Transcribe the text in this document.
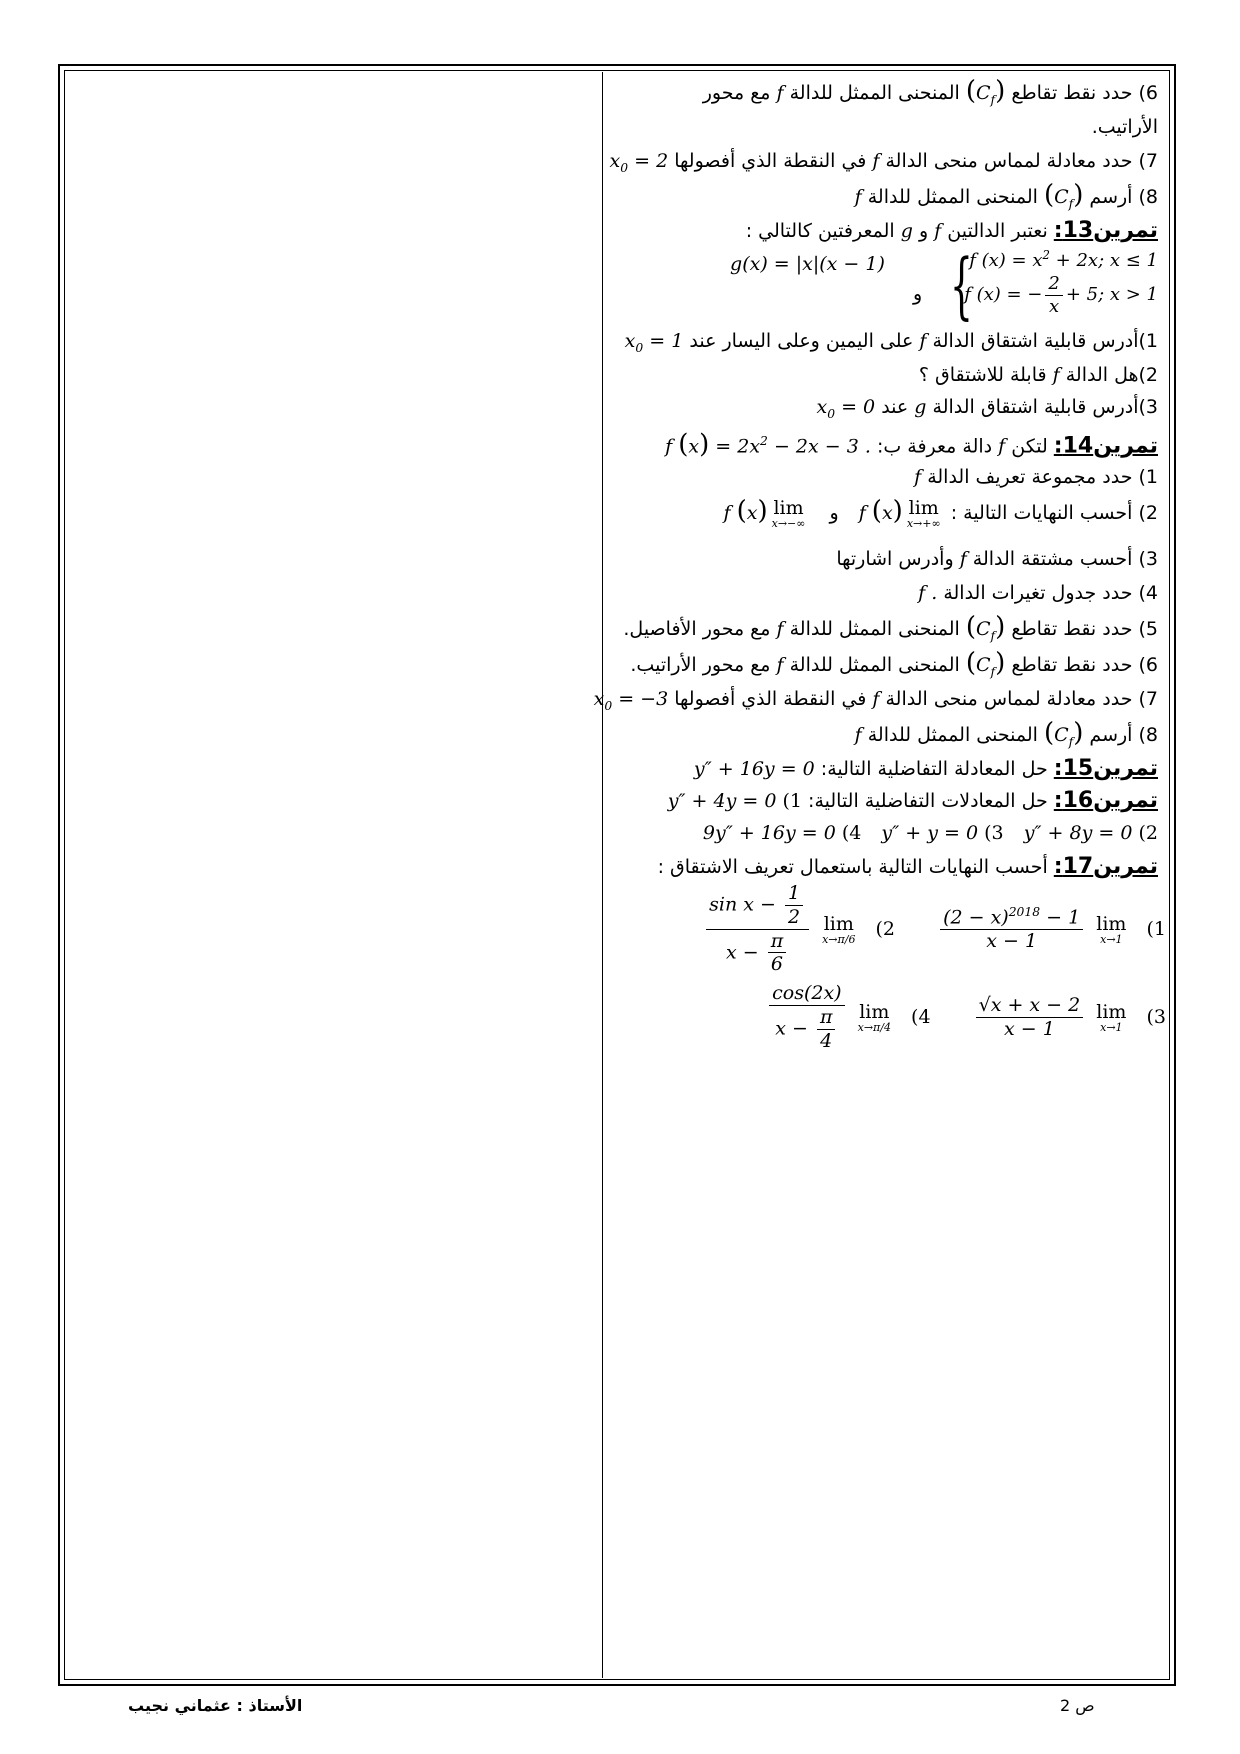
6) حدد نقط تقاطع $(C_f)$ المنحنى الممثل للدالة f مع محور
الأراتيب.
7) حدد معادلة لمماس منحى الدالة f في النقطة الذي أفصولها $x_0 = 2$
8) أرسم $(C_f)$ المنحنى الممثل للدالة f
تمرين13: نعتبر الدالتين f و g المعرفتين كالتالي :
{
f $(x) = x^2 + 2x$; x ≤ 1
f (x) = − $\frac{2}{x} + 5$; x > 1
و g(x) = |x|(x − 1)
1)أدرس قابلية اشتقاق الدالة f على اليمين وعلى اليسار عند $x_0 = 1$
2)هل الدالة f قابلة للاشتقاق ؟
3)أدرس قابلية اشتقاق الدالة g عند $x_0 = 0$
تمرين14: لتكن f دالة معرفة ب: f $(x) = 2x^2 - 2x - 3$ .
1) حدد مجموعة تعريف الدالة f
2) أحسب النهايات التالية :
lim
x→+∞
f (x) و
lim
x→−∞
f (x)
3) أحسب مشتقة الدالة f وأدرس اشارتها
4) حدد جدول تغيرات الدالة f .
5) حدد نقط تقاطع $(C_f)$ المنحنى الممثل للدالة f مع محور الأفاصيل.
6) حدد نقط تقاطع $(C_f)$ المنحنى الممثل للدالة f مع محور الأراتيب.
7) حدد معادلة لمماس منحى الدالة f في النقطة الذي أفصولها $x_0 = -3$
8) أرسم $(C_f)$ المنحنى الممثل للدالة f
تمرين15: حل المعادلة التفاضلية التالية: y″ + 16y = 0
تمرين16: حل المعادلات التفاضلية التالية: (1 y″ + 4y = 0
(2 y″ + 8y = 0 (3 y″ + y = 0 (4 9y″ + 16y = 0
تمرين17: أحسب النهايات التالية باستعمال تعريف الاشتقاق :
(1
lim
x→1

$\frac{(2 - x)^{2018} - 1}{x - 1}$
(2
lim
x→π/6

$\frac{\sin x - \frac{1}{2}}{x - \frac{\pi}{6}}$
(3
lim
x→1

$\frac{√x + x - 2}{x - 1}$
(4
lim
x→π/4

$\frac{\cos(2x)}{x - \frac{\pi}{4}}$
الأستاذ : عثماني نجيب	ص 2
